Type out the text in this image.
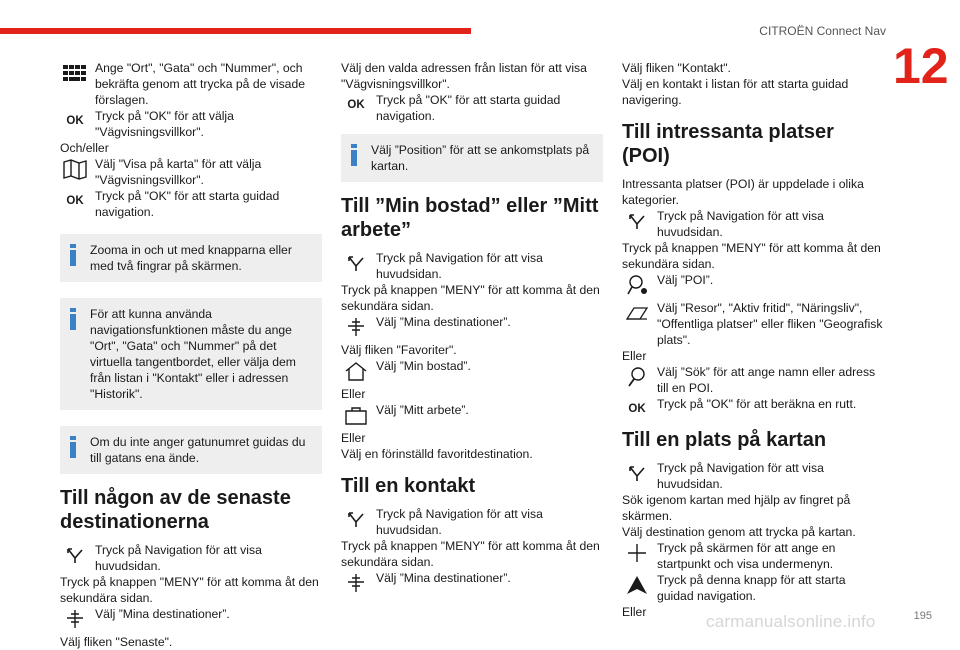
CITROËN Connect Nav
12

Ange "Ort", "Gata" och "Nummer", och bekräfta genom att trycka på de visade förslagen.

OK Tryck på "OK" för att välja "Vägvisningsvillkor".

Och/eller

Välj "Visa på karta" för att välja "Vägvisningsvillkor".

OK Tryck på "OK" för att starta guidad navigation.

Zooma in och ut med knapparna eller med två fingrar på skärmen.

För att kunna använda navigationsfunktionen måste du ange "Ort", "Gata" och "Nummer" på det virtuella tangentbordet, eller välja dem från listan i "Kontakt" eller i adressen "Historik".

Om du inte anger gatunumret guidas du till gatans ena ände.

Till någon av de senaste destinationerna

Tryck på Navigation för att visa huvudsidan.

Tryck på knappen "MENY" för att komma åt den sekundära sidan.

Välj ”Mina destinationer”.

Välj fliken "Senaste".

Välj den valda adressen från listan för att visa "Vägvisningsvillkor".

OK Tryck på "OK" för att starta guidad navigation.

Välj ”Position” för att se ankomstplats på kartan.

Till ”Min bostad” eller ”Mitt arbete”

Tryck på Navigation för att visa huvudsidan.

Tryck på knappen "MENY" för att komma åt den sekundära sidan.

Välj ”Mina destinationer”.

Välj fliken "Favoriter".

Välj ”Min bostad”.

Eller

Välj ”Mitt arbete”.

Eller

Välj en förinställd favoritdestination.

Till en kontakt

Tryck på Navigation för att visa huvudsidan.

Tryck på knappen "MENY" för att komma åt den sekundära sidan.

Välj ”Mina destinationer”.

Välj fliken "Kontakt".

Välj en kontakt i listan för att starta guidad navigering.

Till intressanta platser (POI)

Intressanta platser (POI) är uppdelade i olika kategorier.

Tryck på Navigation för att visa huvudsidan.

Tryck på knappen "MENY" för att komma åt den sekundära sidan.

Välj ”POI”.

Välj "Resor", "Aktiv fritid", "Näringsliv", "Offentliga platser" eller fliken "Geografisk plats".

Eller

Välj ”Sök” för att ange namn eller adress till en POI.

OK Tryck på "OK" för att beräkna en rutt.

Till en plats på kartan

Tryck på Navigation för att visa huvudsidan.

Sök igenom kartan med hjälp av fingret på skärmen.

Välj destination genom att trycka på kartan.

Tryck på skärmen för att ange en startpunkt och visa undermenyn.

Tryck på denna knapp för att starta guidad navigation.

Eller	carmanualsonline.info	195
